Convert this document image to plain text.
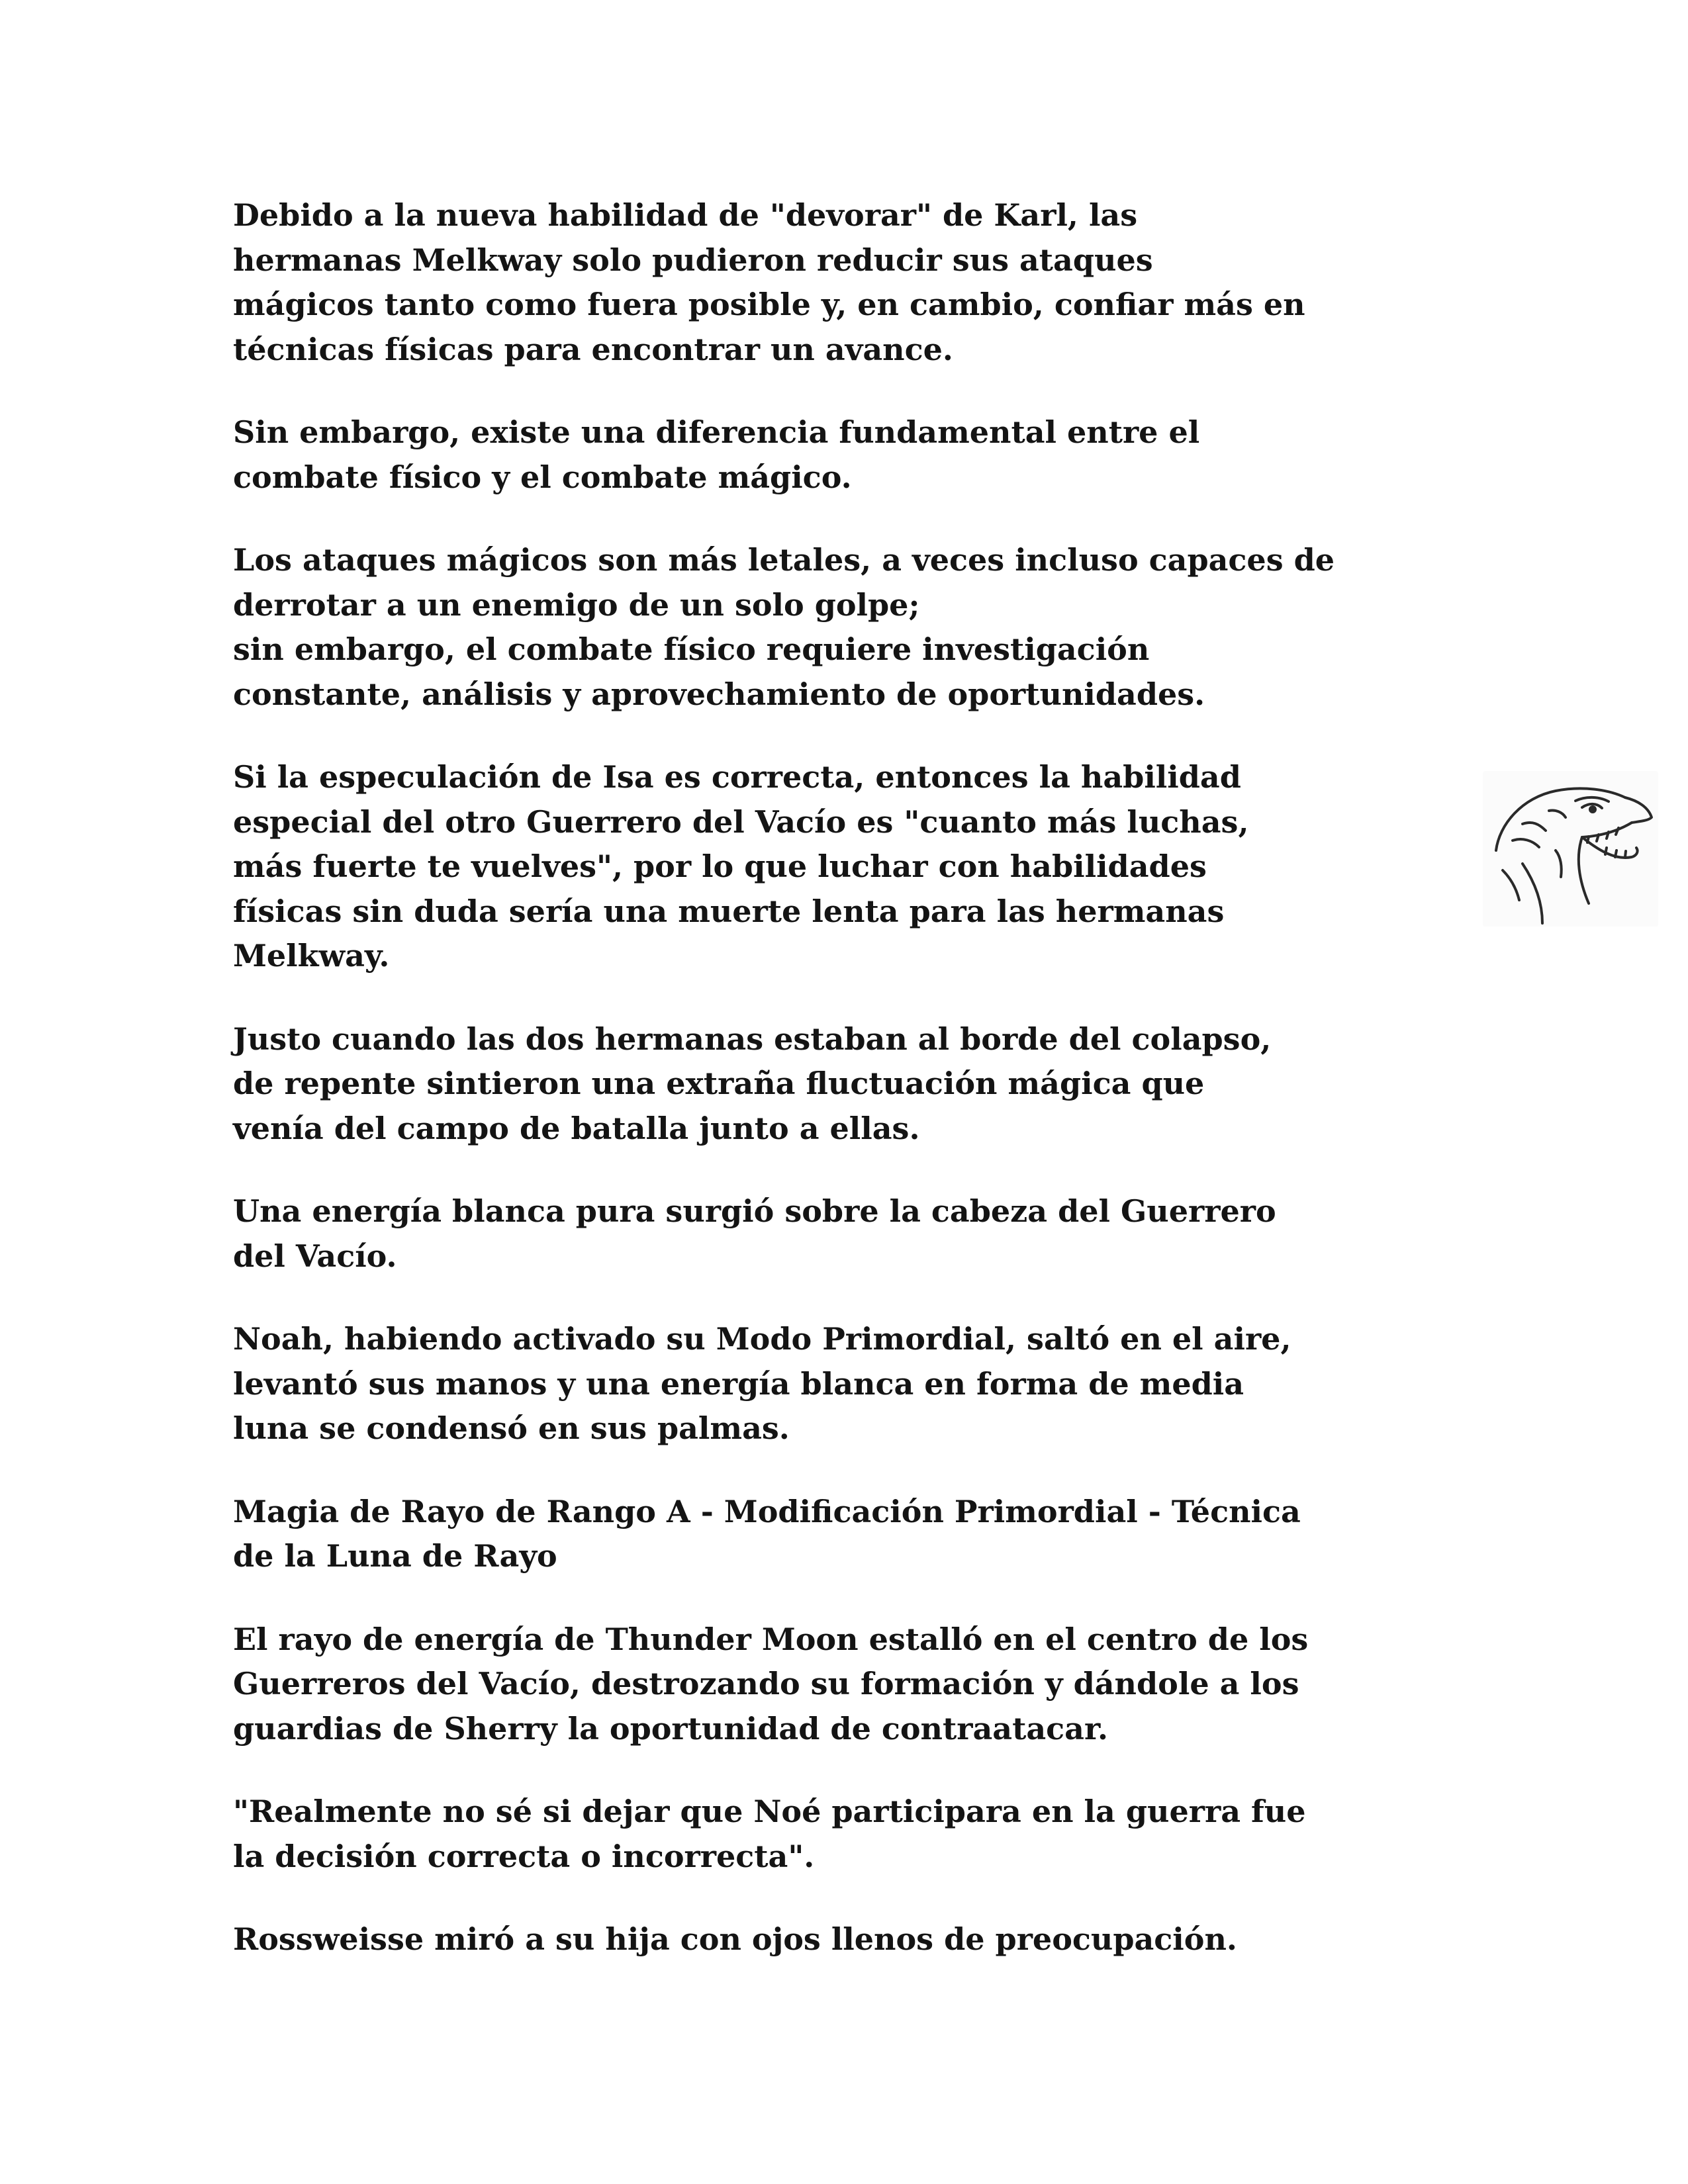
Debido a la nueva habilidad de "devorar" de Karl, las
hermanas Melkway solo pudieron reducir sus ataques
mágicos tanto como fuera posible y, en cambio, confiar más en
técnicas físicas para encontrar un avance.

Sin embargo, existe una diferencia fundamental entre el
combate físico y el combate mágico.

Los ataques mágicos son más letales, a veces incluso capaces de
derrotar a un enemigo de un solo golpe;
sin embargo, el combate físico requiere investigación
constante, análisis y aprovechamiento de oportunidades.

Si la especulación de Isa es correcta, entonces la habilidad
especial del otro Guerrero del Vacío es "cuanto más luchas,
más fuerte te vuelves", por lo que luchar con habilidades
físicas sin duda sería una muerte lenta para las hermanas
Melkway.

Justo cuando las dos hermanas estaban al borde del colapso,
de repente sintieron una extraña fluctuación mágica que
venía del campo de batalla junto a ellas.

Una energía blanca pura surgió sobre la cabeza del Guerrero
del Vacío.

Noah, habiendo activado su Modo Primordial, saltó en el aire,
levantó sus manos y una energía blanca en forma de media
luna se condensó en sus palmas.

Magia de Rayo de Rango A - Modificación Primordial - Técnica
de la Luna de Rayo

El rayo de energía de Thunder Moon estalló en el centro de los
Guerreros del Vacío, destrozando su formación y dándole a los
guardias de Sherry la oportunidad de contraatacar.

"Realmente no sé si dejar que Noé participara en la guerra fue
la decisión correcta o incorrecta".

Rossweisse miró a su hija con ojos llenos de preocupación.
